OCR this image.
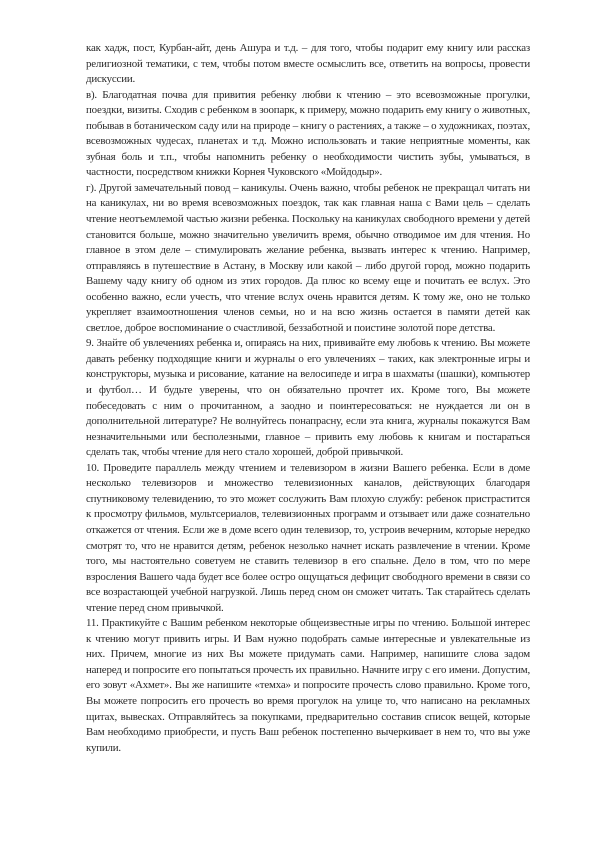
как хадж, пост, Курбан-айт, день Ашура и т.д. – для того, чтобы подарит ему книгу или рассказ религиозной тематики, с тем, чтобы потом вместе осмыслить все, ответить на вопросы, провести дискуссии.

в). Благодатная почва для привития ребенку любви к чтению – это всевозможные прогулки, поездки, визиты. Сходив с ребенком в зоопарк, к примеру, можно подарить ему книгу о животных, побывав в ботаническом саду или на природе – книгу о растениях, а также – о художниках, поэтах, всевозможных чудесах, планетах и т.д. Можно использовать и такие неприятные моменты, как зубная боль и т.п., чтобы напомнить ребенку о необходимости чистить зубы, умываться, в частности, посредством книжки Корнея Чуковского «Мойдодыр».

г). Другой замечательный повод – каникулы. Очень важно, чтобы ребенок не прекращал читать ни на каникулах, ни во время всевозможных поездок, так как главная наша с Вами цель – сделать чтение неотъемлемой частью жизни ребенка. Поскольку на каникулах свободного времени у детей становится больше, можно значительно увеличить время, обычно отводимое им для чтения. Но главное в этом деле – стимулировать желание ребенка, вызвать интерес к чтению. Например, отправляясь в путешествие в Астану, в Москву или какой – либо другой город, можно подарить Вашему чаду книгу об одном из этих городов. Да плюс ко всему еще и почитать ее вслух. Это особенно важно, если учесть, что чтение вслух очень нравится детям. К тому же, оно не только укрепляет взаимоотношения членов семьи, но и на всю жизнь остается в памяти детей как светлое, доброе воспоминание о счастливой, беззаботной и поистине золотой поре детства.

9. Знайте об увлечениях ребенка и, опираясь на них, прививайте ему любовь к чтению. Вы можете давать ребенку подходящие книги и журналы о его увлечениях – таких, как электронные игры и конструкторы, музыка и рисование, катание на велосипеде и игра в шахматы (шашки), компьютер и футбол… И будьте уверены, что он обязательно прочтет их. Кроме того, Вы можете побеседовать с ним о прочитанном, а заодно и поинтересоваться: не нуждается ли он в дополнительной литературе? Не волнуйтесь понапрасну, если эта книга, журналы покажутся Вам незначительными или бесполезными, главное – привить ему любовь к книгам и постараться сделать так, чтобы чтение для него стало хорошей, доброй привычкой.

10. Проведите параллель между чтением и телевизором в жизни Вашего ребенка. Если в доме несколько телевизоров и множество телевизионных каналов, действующих благодаря спутниковому телевидению, то это может сослужить Вам плохую службу: ребенок пристрастится к просмотру фильмов, мультсериалов, телевизионных программ и отзывает или даже сознательно откажется от чтения. Если же в доме всего один телевизор, то, устроив вечерним, которые нередко смотрят то, что не нравится детям, ребенок незолько начнет искать развлечение в чтении. Кроме того, мы настоятельно советуем не ставить телевизор в его спальне. Дело в том, что по мере взросления Вашего чада будет все более остро ощущаться дефицит свободного времени в связи со все возрастающей учебной нагрузкой. Лишь перед сном он сможет читать. Так старайтесь сделать чтение перед сном привычкой.

11. Практикуйте с Вашим ребенком некоторые общеизвестные игры по чтению. Большой интерес к чтению могут привить игры. И Вам нужно подобрать самые интересные и увлекательные из них. Причем, многие из них Вы можете придумать сами. Например, напишите слова задом наперед и попросите его попытаться прочесть их правильно. Начните игру с его имени. Допустим, его зовут «Ахмет». Вы же напишите «темха» и попросите прочесть слово правильно. Кроме того, Вы можете попросить его прочесть во время прогулок на улице то, что написано на рекламных щитах, вывесках. Отправляйтесь за покупками, предварительно составив список вещей, которые Вам необходимо приобрести, и пусть Ваш ребенок постепенно вычеркивает в нем то, что вы уже купили.
